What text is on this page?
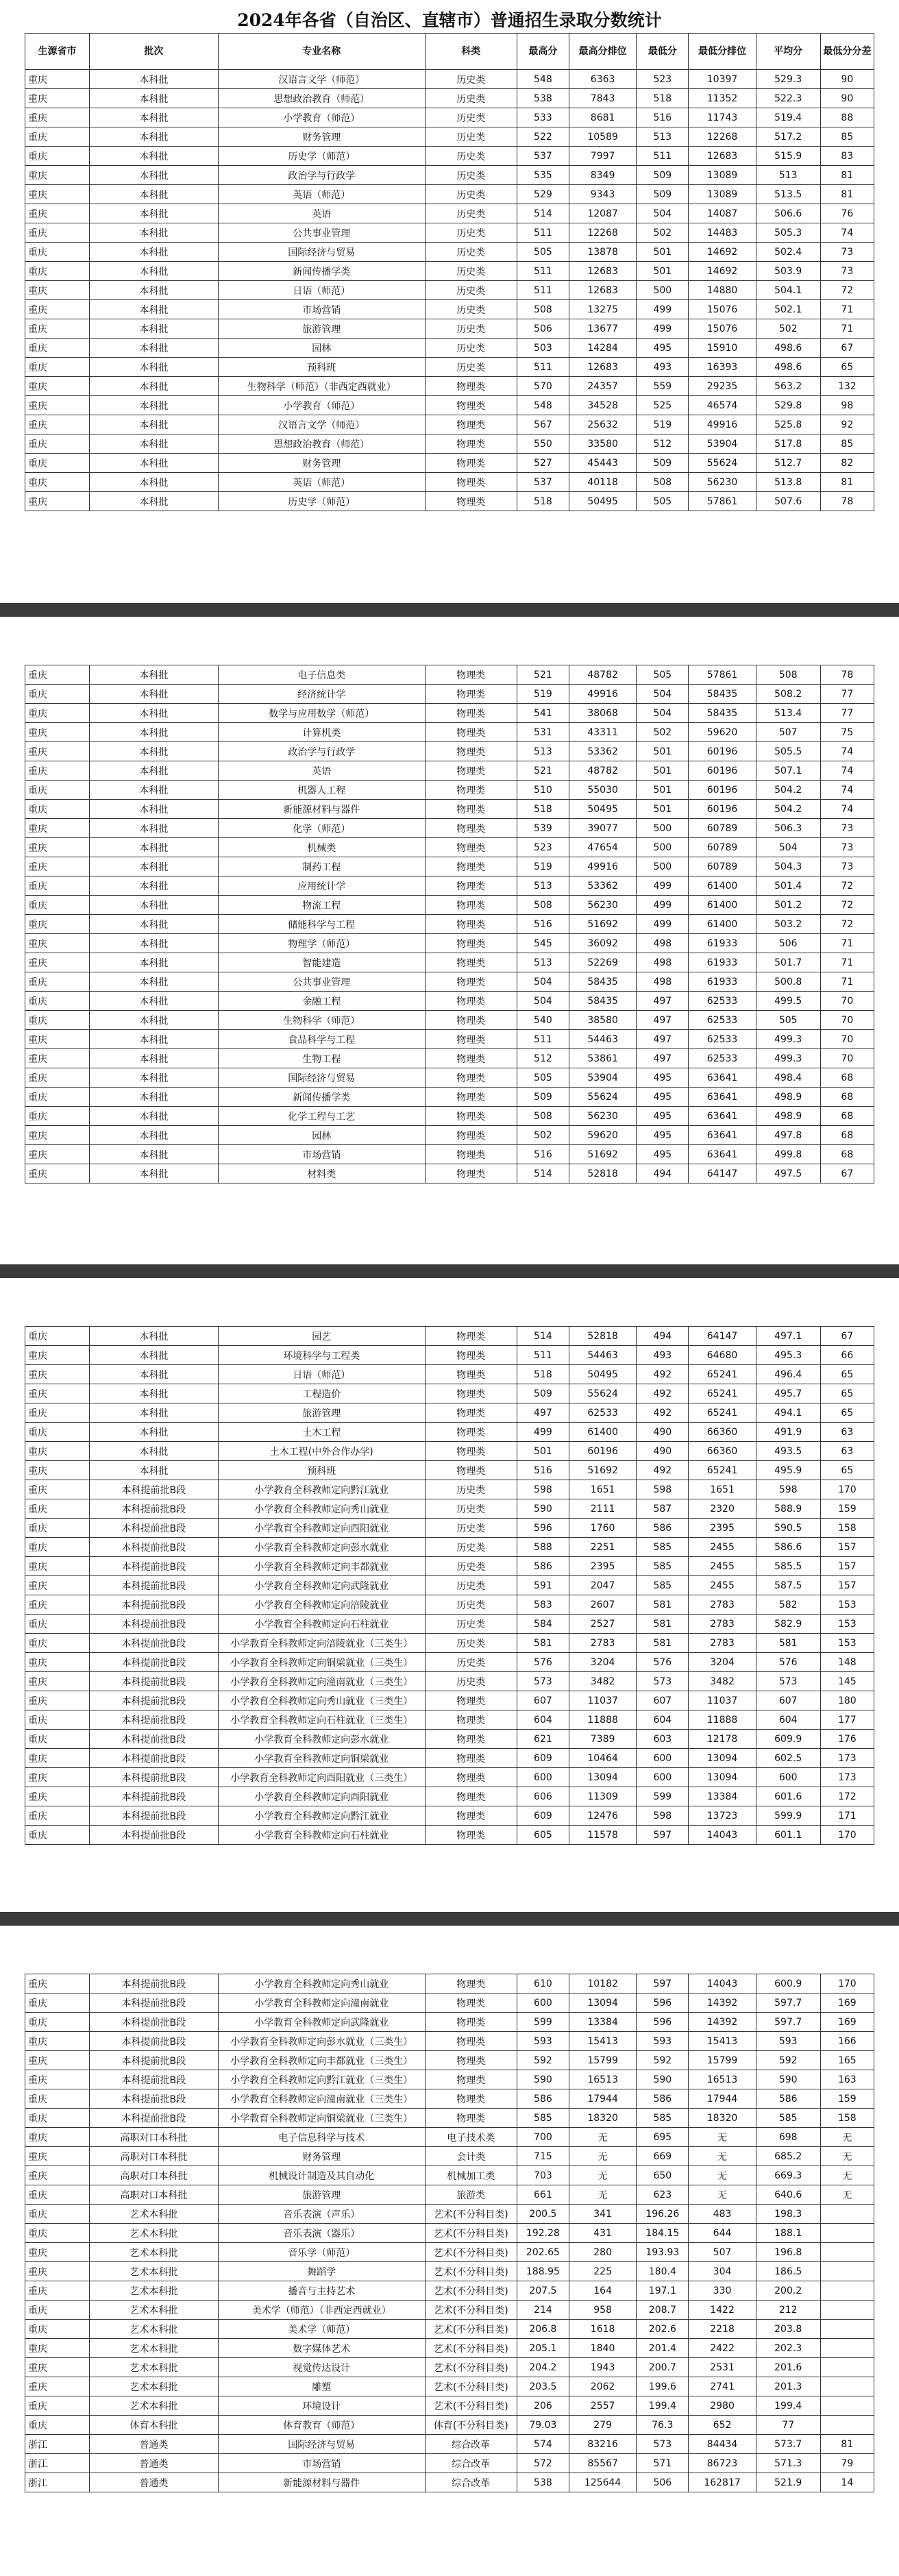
2024年各省（自治区、直辖市）普通招生录取分数统计
生源省市	批次	专业名称	科类	最高分	最高分排位	最低分	最低分排位	平均分	最低分分差
重庆	本科批	汉语言文学（师范）	历史类	548	6363	523	10397	529.3	90
重庆	本科批	思想政治教育（师范）	历史类	538	7843	518	11352	522.3	90
重庆	本科批	小学教育（师范）	历史类	533	8681	516	11743	519.4	88
重庆	本科批	财务管理	历史类	522	10589	513	12268	517.2	85
重庆	本科批	历史学（师范）	历史类	537	7997	511	12683	515.9	83
重庆	本科批	政治学与行政学	历史类	535	8349	509	13089	513	81
重庆	本科批	英语（师范）	历史类	529	9343	509	13089	513.5	81
重庆	本科批	英语	历史类	514	12087	504	14087	506.6	76
重庆	本科批	公共事业管理	历史类	511	12268	502	14483	505.3	74
重庆	本科批	国际经济与贸易	历史类	505	13878	501	14692	502.4	73
重庆	本科批	新闻传播学类	历史类	511	12683	501	14692	503.9	73
重庆	本科批	日语（师范）	历史类	511	12683	500	14880	504.1	72
重庆	本科批	市场营销	历史类	508	13275	499	15076	502.1	71
重庆	本科批	旅游管理	历史类	506	13677	499	15076	502	71
重庆	本科批	园林	历史类	503	14284	495	15910	498.6	67
重庆	本科批	预科班	历史类	511	12683	493	16393	498.6	65
重庆	本科批	生物科学（师范）（非西定西就业）	物理类	570	24357	559	29235	563.2	132
重庆	本科批	小学教育（师范）	物理类	548	34528	525	46574	529.8	98
重庆	本科批	汉语言文学（师范）	物理类	567	25632	519	49916	525.8	92
重庆	本科批	思想政治教育（师范）	物理类	550	33580	512	53904	517.8	85
重庆	本科批	财务管理	物理类	527	45443	509	55624	512.7	82
重庆	本科批	英语（师范）	物理类	537	40118	508	56230	513.8	81
重庆	本科批	历史学（师范）	物理类	518	50495	505	57861	507.6	78
重庆	本科批	电子信息类	物理类	521	48782	505	57861	508	78
重庆	本科批	经济统计学	物理类	519	49916	504	58435	508.2	77
重庆	本科批	数学与应用数学（师范）	物理类	541	38068	504	58435	513.4	77
重庆	本科批	计算机类	物理类	531	43311	502	59620	507	75
重庆	本科批	政治学与行政学	物理类	513	53362	501	60196	505.5	74
重庆	本科批	英语	物理类	521	48782	501	60196	507.1	74
重庆	本科批	机器人工程	物理类	510	55030	501	60196	504.2	74
重庆	本科批	新能源材料与器件	物理类	518	50495	501	60196	504.2	74
重庆	本科批	化学（师范）	物理类	539	39077	500	60789	506.3	73
重庆	本科批	机械类	物理类	523	47654	500	60789	504	73
重庆	本科批	制药工程	物理类	519	49916	500	60789	504.3	73
重庆	本科批	应用统计学	物理类	513	53362	499	61400	501.4	72
重庆	本科批	物流工程	物理类	508	56230	499	61400	501.2	72
重庆	本科批	储能科学与工程	物理类	516	51692	499	61400	503.2	72
重庆	本科批	物理学（师范）	物理类	545	36092	498	61933	506	71
重庆	本科批	智能建造	物理类	513	52269	498	61933	501.7	71
重庆	本科批	公共事业管理	物理类	504	58435	498	61933	500.8	71
重庆	本科批	金融工程	物理类	504	58435	497	62533	499.5	70
重庆	本科批	生物科学（师范）	物理类	540	38580	497	62533	505	70
重庆	本科批	食品科学与工程	物理类	511	54463	497	62533	499.3	70
重庆	本科批	生物工程	物理类	512	53861	497	62533	499.3	70
重庆	本科批	国际经济与贸易	物理类	505	53904	495	63641	498.4	68
重庆	本科批	新闻传播学类	物理类	509	55624	495	63641	498.9	68
重庆	本科批	化学工程与工艺	物理类	508	56230	495	63641	498.9	68
重庆	本科批	园林	物理类	502	59620	495	63641	497.8	68
重庆	本科批	市场营销	物理类	516	51692	495	63641	499.8	68
重庆	本科批	材料类	物理类	514	52818	494	64147	497.5	67
重庆	本科批	园艺	物理类	514	52818	494	64147	497.1	67
重庆	本科批	环境科学与工程类	物理类	511	54463	493	64680	495.3	66
重庆	本科批	日语（师范）	物理类	518	50495	492	65241	496.4	65
重庆	本科批	工程造价	物理类	509	55624	492	65241	495.7	65
重庆	本科批	旅游管理	物理类	497	62533	492	65241	494.1	65
重庆	本科批	土木工程	物理类	499	61400	490	66360	491.9	63
重庆	本科批	土木工程(中外合作办学)	物理类	501	60196	490	66360	493.5	63
重庆	本科批	预科班	物理类	516	51692	492	65241	495.9	65
重庆	本科提前批B段	小学教育全科教师定向黔江就业	历史类	598	1651	598	1651	598	170
重庆	本科提前批B段	小学教育全科教师定向秀山就业	历史类	590	2111	587	2320	588.9	159
重庆	本科提前批B段	小学教育全科教师定向酉阳就业	历史类	596	1760	586	2395	590.5	158
重庆	本科提前批B段	小学教育全科教师定向彭水就业	历史类	588	2251	585	2455	586.6	157
重庆	本科提前批B段	小学教育全科教师定向丰都就业	历史类	586	2395	585	2455	585.5	157
重庆	本科提前批B段	小学教育全科教师定向武隆就业	历史类	591	2047	585	2455	587.5	157
重庆	本科提前批B段	小学教育全科教师定向涪陵就业	历史类	583	2607	581	2783	582	153
重庆	本科提前批B段	小学教育全科教师定向石柱就业	历史类	584	2527	581	2783	582.9	153
重庆	本科提前批B段	小学教育全科教师定向涪陵就业（三类生）	历史类	581	2783	581	2783	581	153
重庆	本科提前批B段	小学教育全科教师定向铜梁就业（三类生）	历史类	576	3204	576	3204	576	148
重庆	本科提前批B段	小学教育全科教师定向潼南就业（三类生）	历史类	573	3482	573	3482	573	145
重庆	本科提前批B段	小学教育全科教师定向秀山就业（三类生）	物理类	607	11037	607	11037	607	180
重庆	本科提前批B段	小学教育全科教师定向石柱就业（三类生）	物理类	604	11888	604	11888	604	177
重庆	本科提前批B段	小学教育全科教师定向彭水就业	物理类	621	7389	603	12178	609.9	176
重庆	本科提前批B段	小学教育全科教师定向铜梁就业	物理类	609	10464	600	13094	602.5	173
重庆	本科提前批B段	小学教育全科教师定向酉阳就业（三类生）	物理类	600	13094	600	13094	600	173
重庆	本科提前批B段	小学教育全科教师定向酉阳就业	物理类	606	11309	599	13384	601.6	172
重庆	本科提前批B段	小学教育全科教师定向黔江就业	物理类	609	12476	598	13723	599.9	171
重庆	本科提前批B段	小学教育全科教师定向石柱就业	物理类	605	11578	597	14043	601.1	170
重庆	本科提前批B段	小学教育全科教师定向秀山就业	物理类	610	10182	597	14043	600.9	170
重庆	本科提前批B段	小学教育全科教师定向潼南就业	物理类	600	13094	596	14392	597.7	169
重庆	本科提前批B段	小学教育全科教师定向武隆就业	物理类	599	13384	596	14392	597.7	169
重庆	本科提前批B段	小学教育全科教师定向彭水就业（三类生）	物理类	593	15413	593	15413	593	166
重庆	本科提前批B段	小学教育全科教师定向丰都就业（三类生）	物理类	592	15799	592	15799	592	165
重庆	本科提前批B段	小学教育全科教师定向黔江就业（三类生）	物理类	590	16513	590	16513	590	163
重庆	本科提前批B段	小学教育全科教师定向潼南就业（三类生）	物理类	586	17944	586	17944	586	159
重庆	本科提前批B段	小学教育全科教师定向铜梁就业（三类生）	物理类	585	18320	585	18320	585	158
重庆	高职对口本科批	电子信息科学与技术	电子技术类	700	无	695	无	698	无
重庆	高职对口本科批	财务管理	会计类	715	无	669	无	685.2	无
重庆	高职对口本科批	机械设计制造及其自动化	机械加工类	703	无	650	无	669.3	无
重庆	高职对口本科批	旅游管理	旅游类	661	无	623	无	640.6	无
重庆	艺术本科批	音乐表演（声乐）	艺术(不分科目类)	200.5	341	196.26	483	198.3	
重庆	艺术本科批	音乐表演（器乐）	艺术(不分科目类)	192.28	431	184.15	644	188.1	
重庆	艺术本科批	音乐学（师范）	艺术(不分科目类)	202.65	280	193.93	507	196.8	
重庆	艺术本科批	舞蹈学	艺术(不分科目类)	188.95	225	180.4	304	186.5	
重庆	艺术本科批	播音与主持艺术	艺术(不分科目类)	207.5	164	197.1	330	200.2	
重庆	艺术本科批	美术学（师范）（非西定西就业）	艺术(不分科目类)	214	958	208.7	1422	212	
重庆	艺术本科批	美术学（师范）	艺术(不分科目类)	206.8	1618	202.6	2218	203.8	
重庆	艺术本科批	数字媒体艺术	艺术(不分科目类)	205.1	1840	201.4	2422	202.3	
重庆	艺术本科批	视觉传达设计	艺术(不分科目类)	204.2	1943	200.7	2531	201.6	
重庆	艺术本科批	雕塑	艺术(不分科目类)	203.5	2062	199.6	2741	201.3	
重庆	艺术本科批	环境设计	艺术(不分科目类)	206	2557	199.4	2980	199.4	
重庆	体育本科批	体育教育（师范）	体育(不分科目类)	79.03	279	76.3	652	77	
浙江	普通类	国际经济与贸易	综合改革	574	83216	573	84434	573.7	81
浙江	普通类	市场营销	综合改革	572	85567	571	86723	571.3	79
浙江	普通类	新能源材料与器件	综合改革	538	125644	506	162817	521.9	14
